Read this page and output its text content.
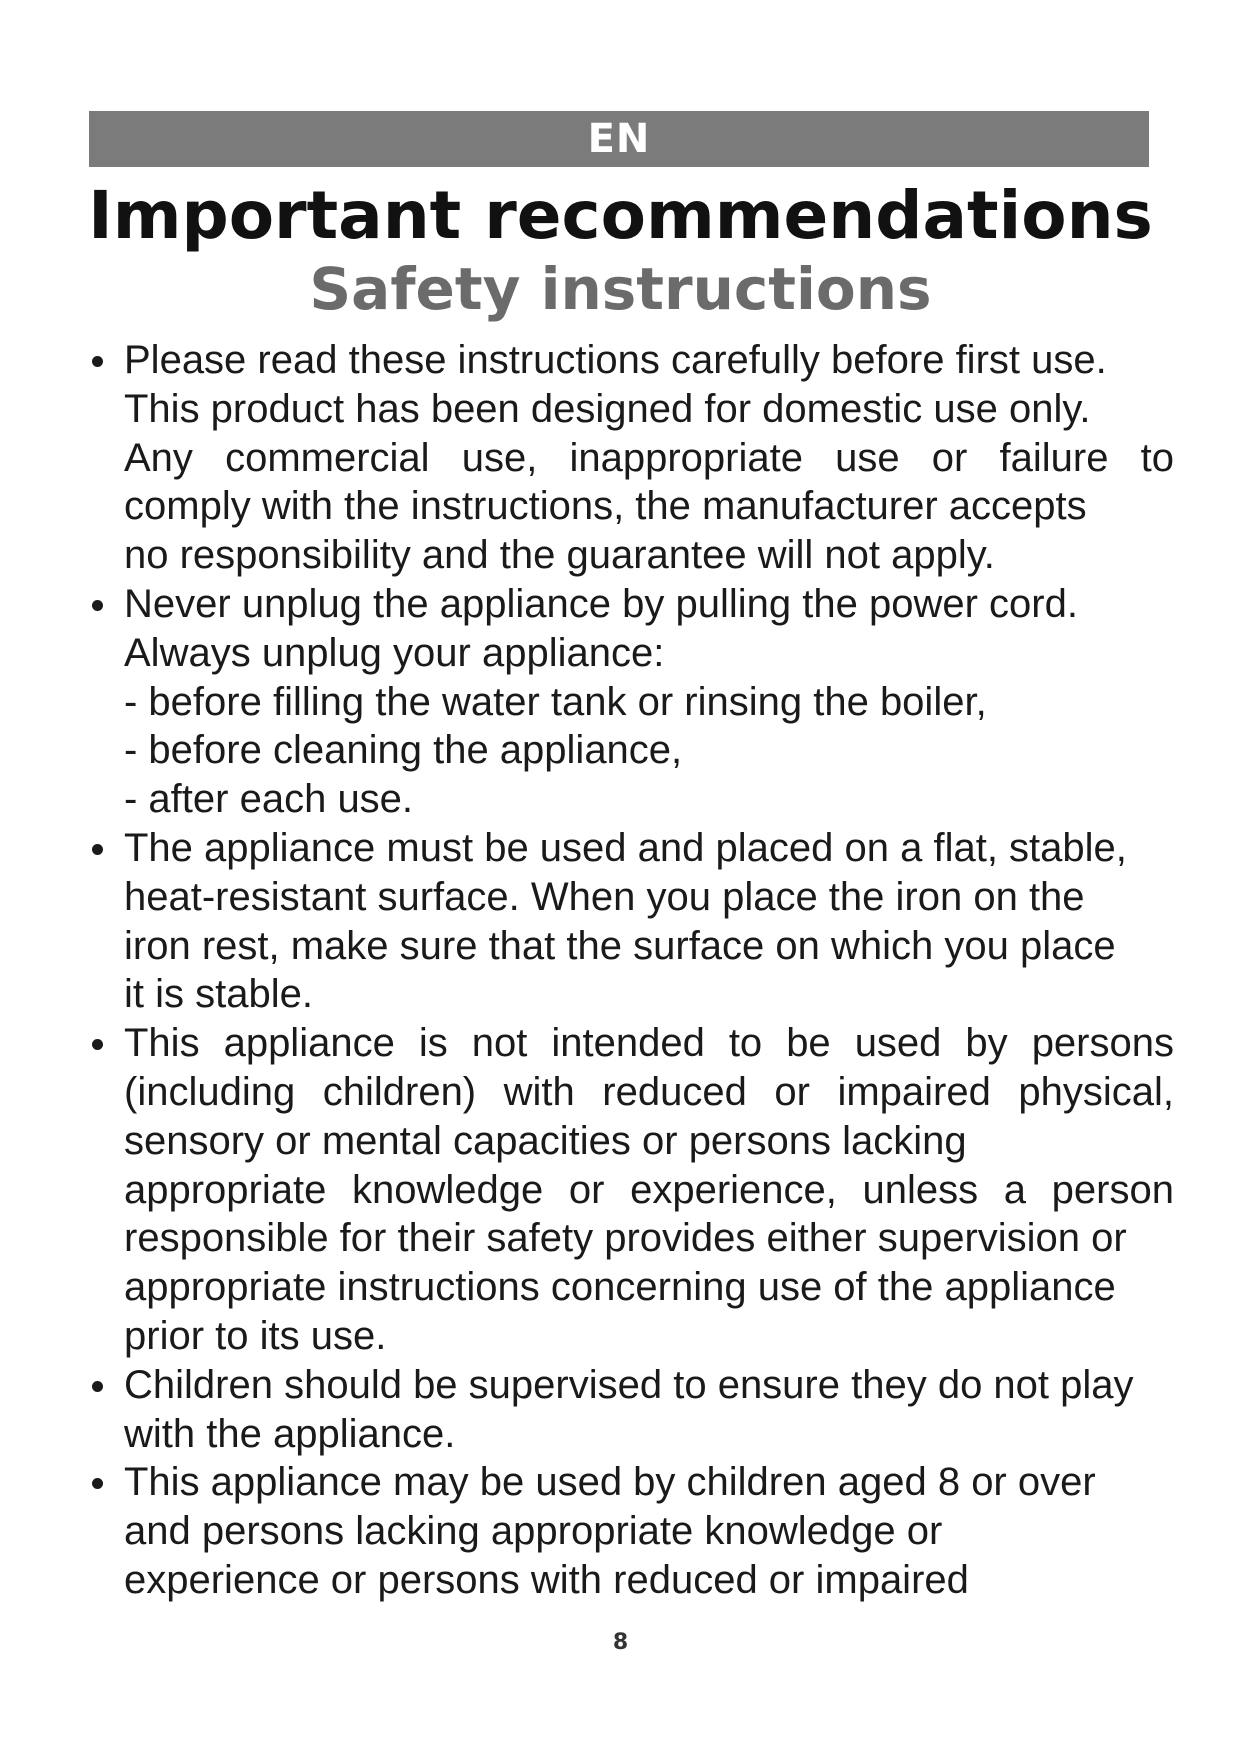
EN
Important recommendations
Safety instructions
Please read these instructions carefully before first use.
This product has been designed for domestic use only.
Any commercial use, inappropriate use or failure to
comply with the instructions, the manufacturer accepts
no responsibility and the guarantee will not apply.
Never unplug the appliance by pulling the power cord.
Always unplug your appliance:
- before filling the water tank or rinsing the boiler,
- before cleaning the appliance,
- after each use.
The appliance must be used and placed on a flat, stable,
heat-resistant surface. When you place the iron on the
iron rest, make sure that the surface on which you place
it is stable.
This appliance is not intended to be used by persons
(including children) with reduced or impaired physical,
sensory or mental capacities or persons lacking
appropriate knowledge or experience, unless a person
responsible for their safety provides either supervision or
appropriate instructions concerning use of the appliance
prior to its use.
Children should be supervised to ensure they do not play
with the appliance.
This appliance may be used by children aged 8 or over
and persons lacking appropriate knowledge or
experience or persons with reduced or impaired
8
